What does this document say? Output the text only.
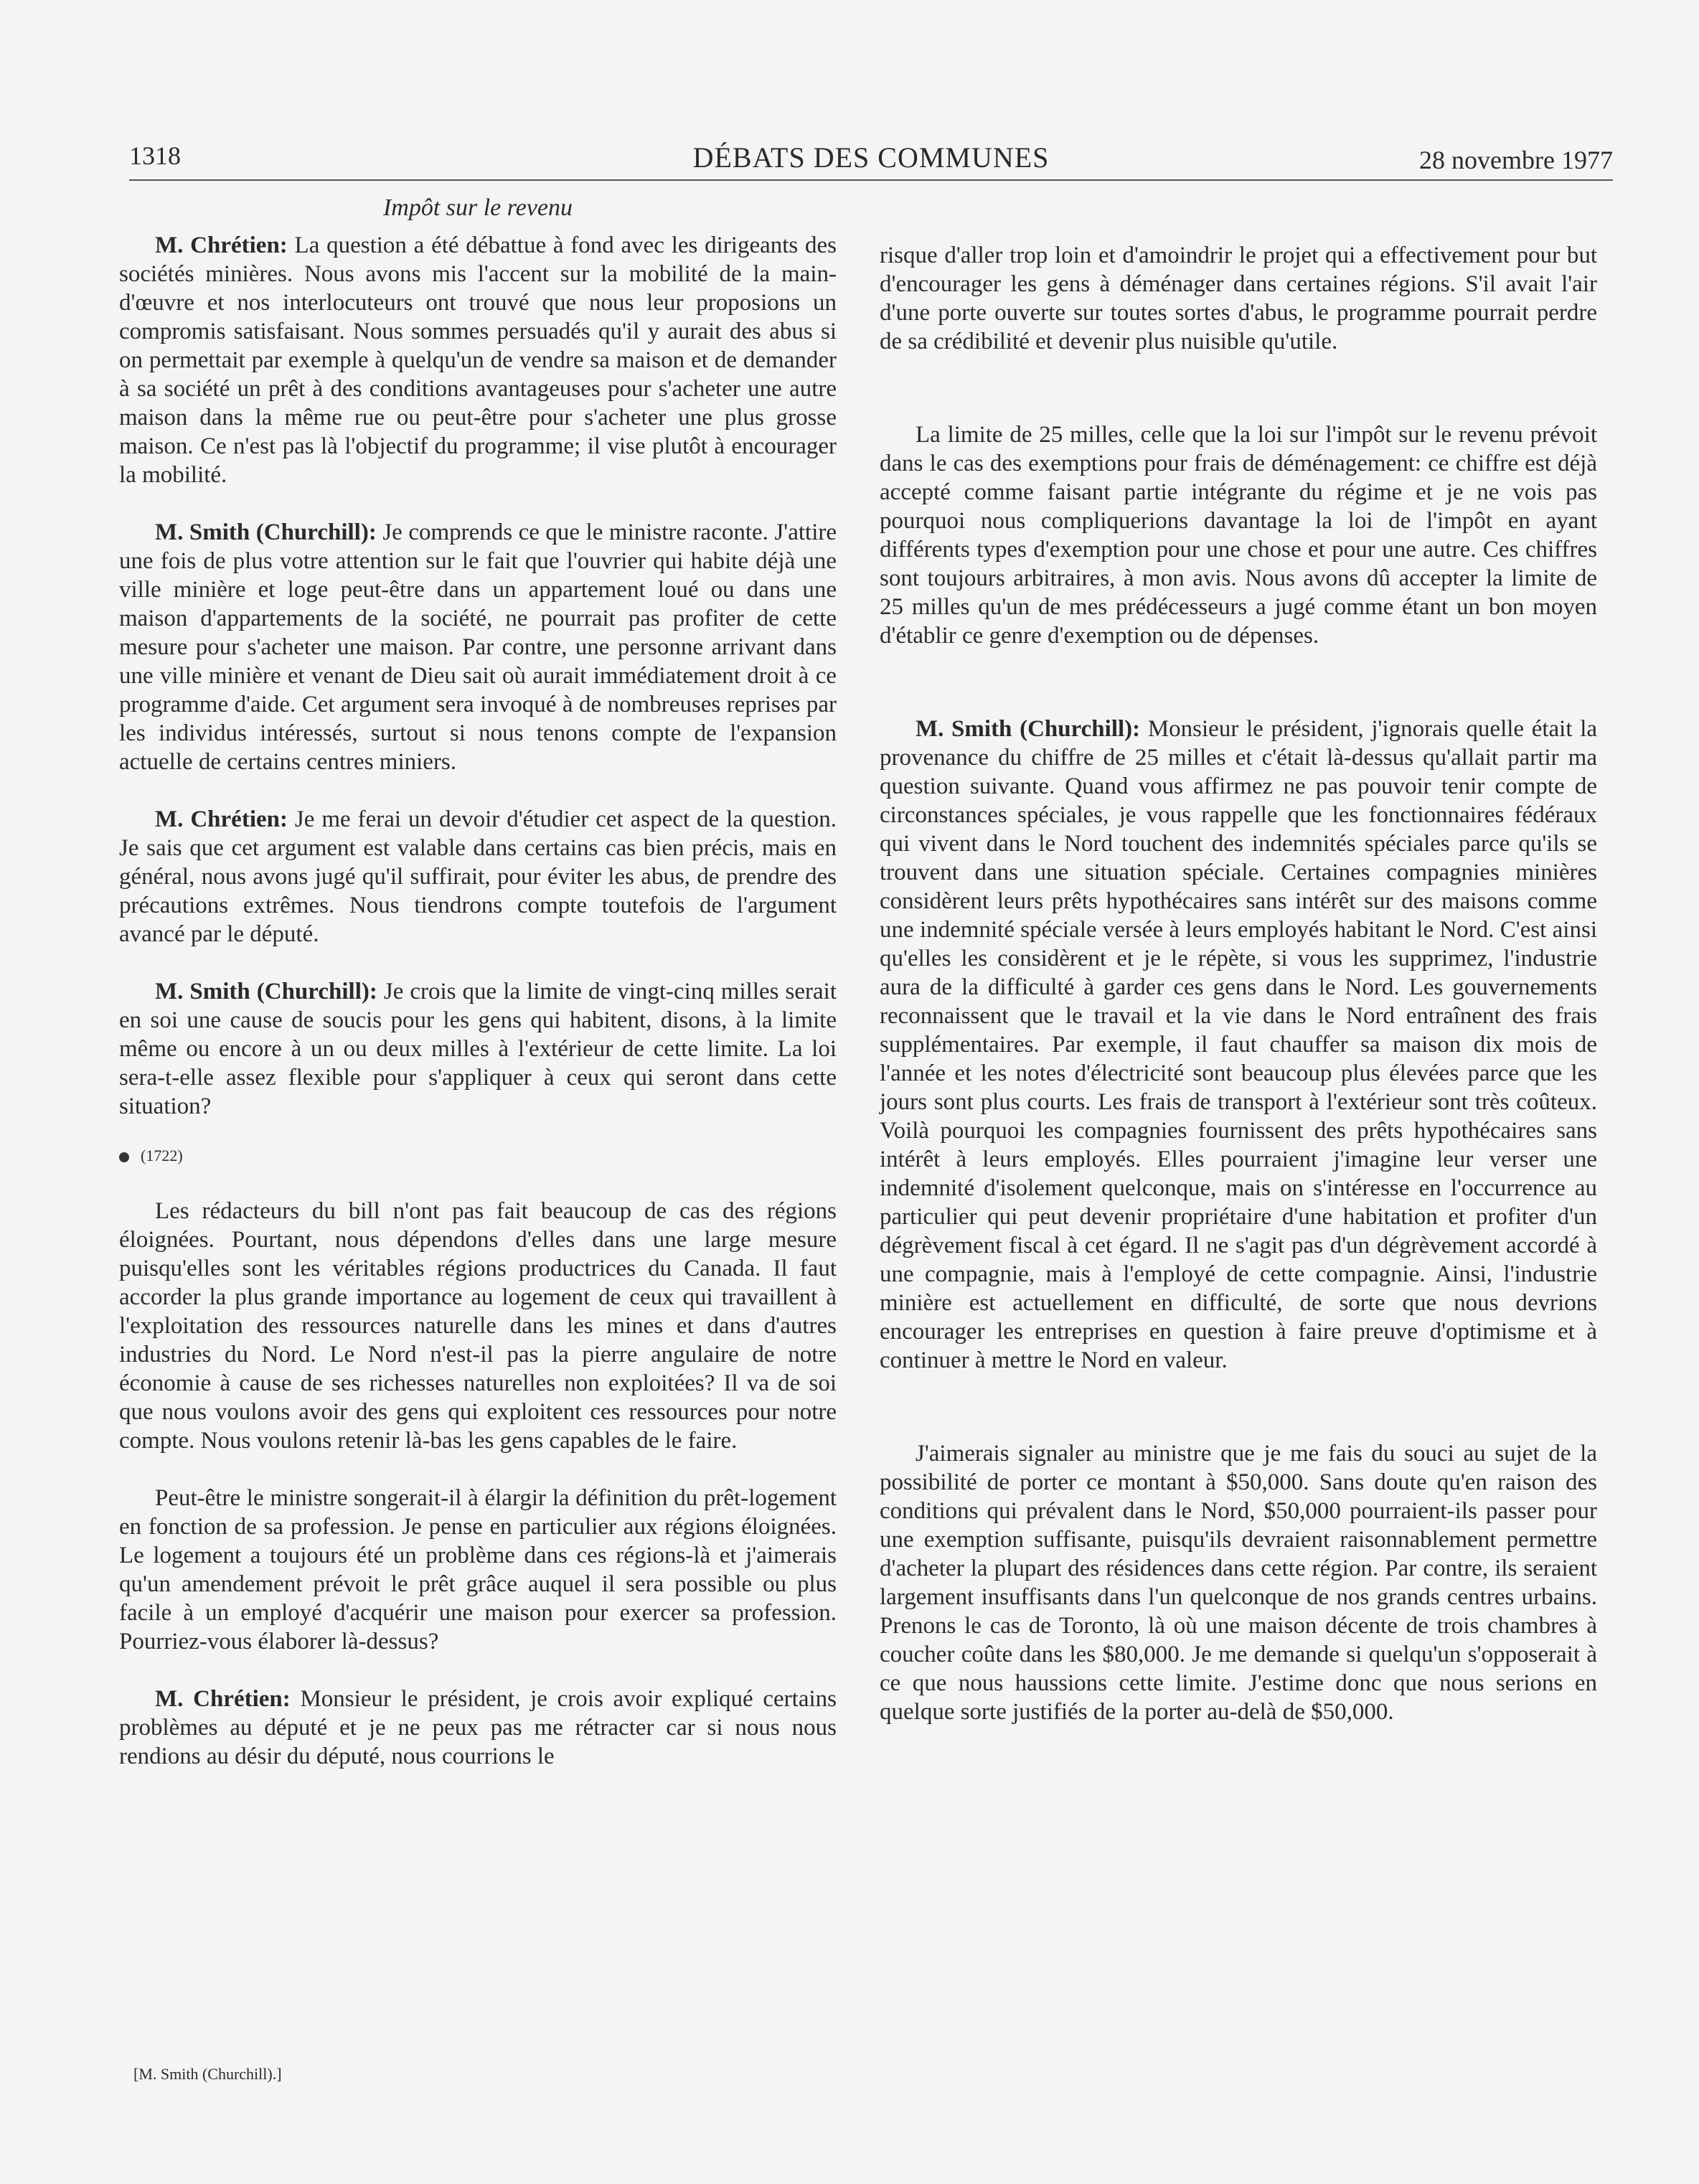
1318	DÉBATS DES COMMUNES	28 novembre 1977
Impôt sur le revenu

M. Chrétien: La question a été débattue à fond avec les dirigeants des sociétés minières. Nous avons mis l'accent sur la mobilité de la main-d'œuvre et nos interlocuteurs ont trouvé que nous leur proposions un compromis satisfaisant. Nous sommes persuadés qu'il y aurait des abus si on permettait par exemple à quelqu'un de vendre sa maison et de demander à sa société un prêt à des conditions avantageuses pour s'acheter une autre maison dans la même rue ou peut-être pour s'acheter une plus grosse maison. Ce n'est pas là l'objectif du programme; il vise plutôt à encourager la mobilité.

M. Smith (Churchill): Je comprends ce que le ministre raconte. J'attire une fois de plus votre attention sur le fait que l'ouvrier qui habite déjà une ville minière et loge peut-être dans un appartement loué ou dans une maison d'appartements de la société, ne pourrait pas profiter de cette mesure pour s'acheter une maison. Par contre, une personne arrivant dans une ville minière et venant de Dieu sait où aurait immédiatement droit à ce programme d'aide. Cet argument sera invoqué à de nombreuses reprises par les individus intéressés, surtout si nous tenons compte de l'expansion actuelle de certains centres miniers.

M. Chrétien: Je me ferai un devoir d'étudier cet aspect de la question. Je sais que cet argument est valable dans certains cas bien précis, mais en général, nous avons jugé qu'il suffirait, pour éviter les abus, de prendre des précautions extrêmes. Nous tiendrons compte toutefois de l'argument avancé par le député.

M. Smith (Churchill): Je crois que la limite de vingt-cinq milles serait en soi une cause de soucis pour les gens qui habitent, disons, à la limite même ou encore à un ou deux milles à l'extérieur de cette limite. La loi sera-t-elle assez flexible pour s'appliquer à ceux qui seront dans cette situation?

(1722)

Les rédacteurs du bill n'ont pas fait beaucoup de cas des régions éloignées. Pourtant, nous dépendons d'elles dans une large mesure puisqu'elles sont les véritables régions productrices du Canada. Il faut accorder la plus grande importance au logement de ceux qui travaillent à l'exploitation des ressources naturelle dans les mines et dans d'autres industries du Nord. Le Nord n'est-il pas la pierre angulaire de notre économie à cause de ses richesses naturelles non exploitées? Il va de soi que nous voulons avoir des gens qui exploitent ces ressources pour notre compte. Nous voulons retenir là-bas les gens capables de le faire.

Peut-être le ministre songerait-il à élargir la définition du prêt-logement en fonction de sa profession. Je pense en particulier aux régions éloignées. Le logement a toujours été un problème dans ces régions-là et j'aimerais qu'un amendement prévoit le prêt grâce auquel il sera possible ou plus facile à un employé d'acquérir une maison pour exercer sa profession. Pourriez-vous élaborer là-dessus?

M. Chrétien: Monsieur le président, je crois avoir expliqué certains problèmes au député et je ne peux pas me rétracter car si nous nous rendions au désir du député, nous courrions le

risque d'aller trop loin et d'amoindrir le projet qui a effectivement pour but d'encourager les gens à déménager dans certaines régions. S'il avait l'air d'une porte ouverte sur toutes sortes d'abus, le programme pourrait perdre de sa crédibilité et devenir plus nuisible qu'utile.

La limite de 25 milles, celle que la loi sur l'impôt sur le revenu prévoit dans le cas des exemptions pour frais de déménagement: ce chiffre est déjà accepté comme faisant partie intégrante du régime et je ne vois pas pourquoi nous compliquerions davantage la loi de l'impôt en ayant différents types d'exemption pour une chose et pour une autre. Ces chiffres sont toujours arbitraires, à mon avis. Nous avons dû accepter la limite de 25 milles qu'un de mes prédécesseurs a jugé comme étant un bon moyen d'établir ce genre d'exemption ou de dépenses.

M. Smith (Churchill): Monsieur le président, j'ignorais quelle était la provenance du chiffre de 25 milles et c'était là-dessus qu'allait partir ma question suivante. Quand vous affirmez ne pas pouvoir tenir compte de circonstances spéciales, je vous rappelle que les fonctionnaires fédéraux qui vivent dans le Nord touchent des indemnités spéciales parce qu'ils se trouvent dans une situation spéciale. Certaines compagnies minières considèrent leurs prêts hypothécaires sans intérêt sur des maisons comme une indemnité spéciale versée à leurs employés habitant le Nord. C'est ainsi qu'elles les considèrent et je le répète, si vous les supprimez, l'industrie aura de la difficulté à garder ces gens dans le Nord. Les gouvernements reconnaissent que le travail et la vie dans le Nord entraînent des frais supplémentaires. Par exemple, il faut chauffer sa maison dix mois de l'année et les notes d'électricité sont beaucoup plus élevées parce que les jours sont plus courts. Les frais de transport à l'extérieur sont très coûteux. Voilà pourquoi les compagnies fournissent des prêts hypothécaires sans intérêt à leurs employés. Elles pourraient j'imagine leur verser une indemnité d'isolement quelconque, mais on s'intéresse en l'occurrence au particulier qui peut devenir propriétaire d'une habitation et profiter d'un dégrèvement fiscal à cet égard. Il ne s'agit pas d'un dégrèvement accordé à une compagnie, mais à l'employé de cette compagnie. Ainsi, l'industrie minière est actuellement en difficulté, de sorte que nous devrions encourager les entreprises en question à faire preuve d'optimisme et à continuer à mettre le Nord en valeur.

J'aimerais signaler au ministre que je me fais du souci au sujet de la possibilité de porter ce montant à $50,000. Sans doute qu'en raison des conditions qui prévalent dans le Nord, $50,000 pourraient-ils passer pour une exemption suffisante, puisqu'ils devraient raisonnablement permettre d'acheter la plupart des résidences dans cette région. Par contre, ils seraient largement insuffisants dans l'un quelconque de nos grands centres urbains. Prenons le cas de Toronto, là où une maison décente de trois chambres à coucher coûte dans les $80,000. Je me demande si quelqu'un s'opposerait à ce que nous haussions cette limite. J'estime donc que nous serions en quelque sorte justifiés de la porter au-delà de $50,000.

[M. Smith (Churchill).]
